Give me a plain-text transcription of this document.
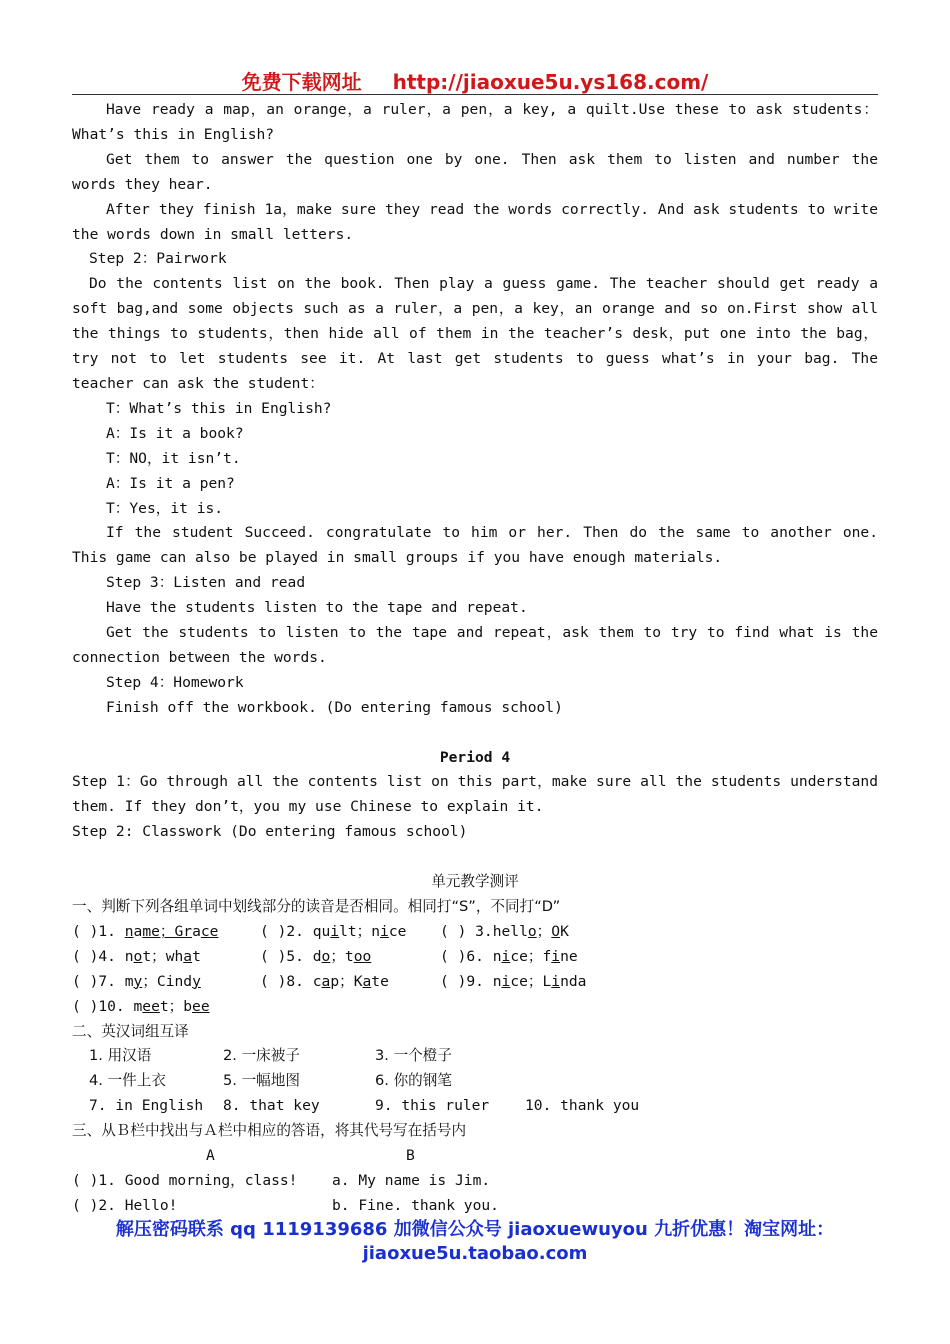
免费下载网址 http://jiaoxue5u.ys168.com/

Have ready a map，an orange，a ruler，a pen，a key, a quilt.Use these to ask students：What’s this in English?

Get them to answer the question one by one. Then ask them to listen and number the words they hear.

After they finish 1a，make sure they read the words correctly. And ask students to write the words down in small letters.

Step 2：Pairwork

Do the contents list on the book. Then play a guess game. The teacher should get ready a soft bag,and some objects such as a ruler，a pen，a key，an orange and so on.First show all the things to students，then hide all of them in the teacher’s desk，put one into the bag，try not to let students see it. At last get students to guess what’s in your bag. The teacher can ask the student：

T：What’s this in English?

A：Is it a book?

T：NO，it isn’t.

A：Is it a pen?

T：Yes，it is.

If the student Succeed. congratulate to him or her. Then do the same to another one. This game can also be played in small groups if you have enough materials.

Step 3：Listen and read

Have the students listen to the tape and repeat.

Get the students to listen to the tape and repeat，ask them to try to find what is the connection between the words.

Step 4：Homework

Finish off the workbook. (Do entering famous school)

Period 4

Step 1：Go through all the contents list on this part，make sure all the students understand them. If they don’t，you my use Chinese to explain it.

Step 2: Classwork (Do entering famous school)

单元教学测评

一、判断下列各组单词中划线部分的读音是否相同。相同打“S”，不同打“D”

( )1. name；Grace	( )2. quilt；nice	( ) 3.hello；OK
( )4. not；what	( )5. do；too	( )6. nice；fine
( )7. my；Cindy	( )8. cap；Kate	( )9. nice；Linda
( )10. meet；bee

二、英汉词组互译

1. 用汉语	2. 一床被子	3. 一个橙子
4. 一件上衣	5. 一幅地图	6. 你的钢笔
7. in English	8. that key	9. this ruler	10. thank you

三、从Ｂ栏中找出与Ａ栏中相应的答语，将其代号写在括号内

A	B
( )1. Good morning，class!	a. My name is Jim.
( )2. Hello!	b. Fine. thank you.
解压密码联系 qq 1119139686 加微信公众号 jiaoxuewuyou 九折优惠！淘宝网址：
jiaoxue5u.taobao.com
